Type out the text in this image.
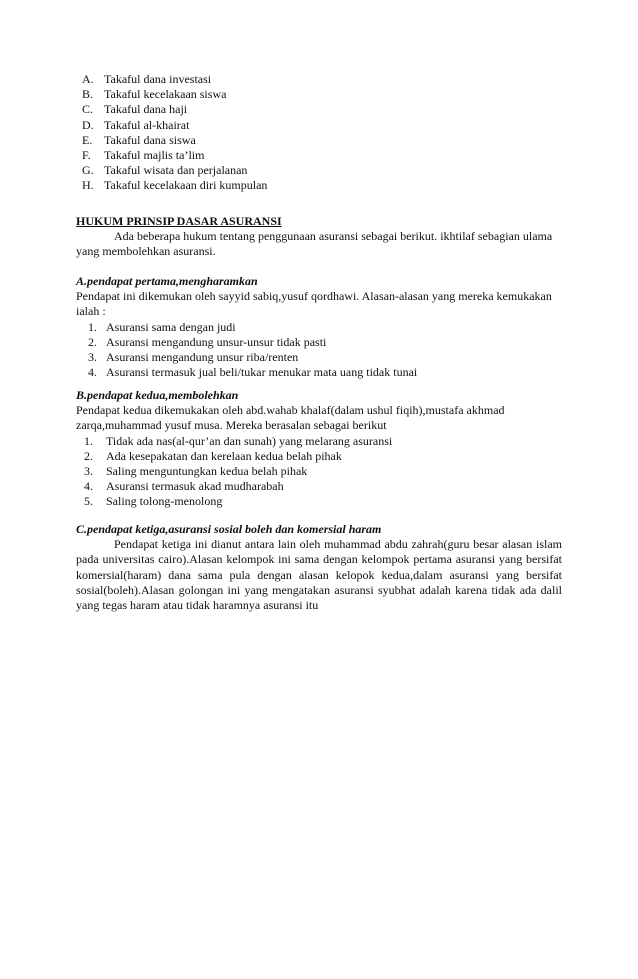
A. Takaful dana investasi
B. Takaful kecelakaan siswa
C. Takaful dana haji
D. Takaful al-khairat
E. Takaful dana siswa
F.	Takaful majlis ta’lim
G. Takaful wisata dan perjalanan
H. Takaful kecelakaan diri kumpulan
HUKUM PRINSIP DASAR ASURANSI

Ada beberapa hukum tentang penggunaan asuransi sebagai berikut. ikhtilaf sebagian ulama yang membolehkan asuransi.

A.pendapat pertama,mengharamkan

Pendapat ini dikemukan oleh sayyid sabiq,yusuf qordhawi. Alasan-alasan yang mereka kemukakan ialah :

1. Asuransi sama dengan judi
2. Asuransi mengandung unsur-unsur tidak pasti
3. Asuransi mengandung unsur riba/renten
4. Asuransi termasuk jual beli/tukar menukar mata uang tidak tunai
B.pendapat kedua,membolehkan

Pendapat kedua dikemukakan oleh abd.wahab khalaf(dalam ushul fiqih),mustafa akhmad zarqa,muhammad yusuf musa. Mereka berasalan sebagai berikut

1.	Tidak ada nas(al-qur’an dan sunah) yang melarang asuransi
2.	Ada kesepakatan dan kerelaan kedua belah pihak
3.	Saling menguntungkan kedua belah pihak
4.	Asuransi termasuk akad mudharabah
5.	Saling tolong-menolong
C.pendapat ketiga,asuransi sosial boleh dan komersial haram

Pendapat ketiga ini dianut antara lain oleh muhammad abdu zahrah(guru besar alasan islam pada universitas cairo).Alasan kelompok ini sama dengan kelompok pertama asuransi yang bersifat komersial(haram) dana sama pula dengan alasan kelopok kedua,dalam asuransi yang bersifat sosial(boleh).Alasan golongan ini yang mengatakan asuransi syubhat adalah karena tidak ada dalil yang tegas haram atau tidak haramnya asuransi itu
